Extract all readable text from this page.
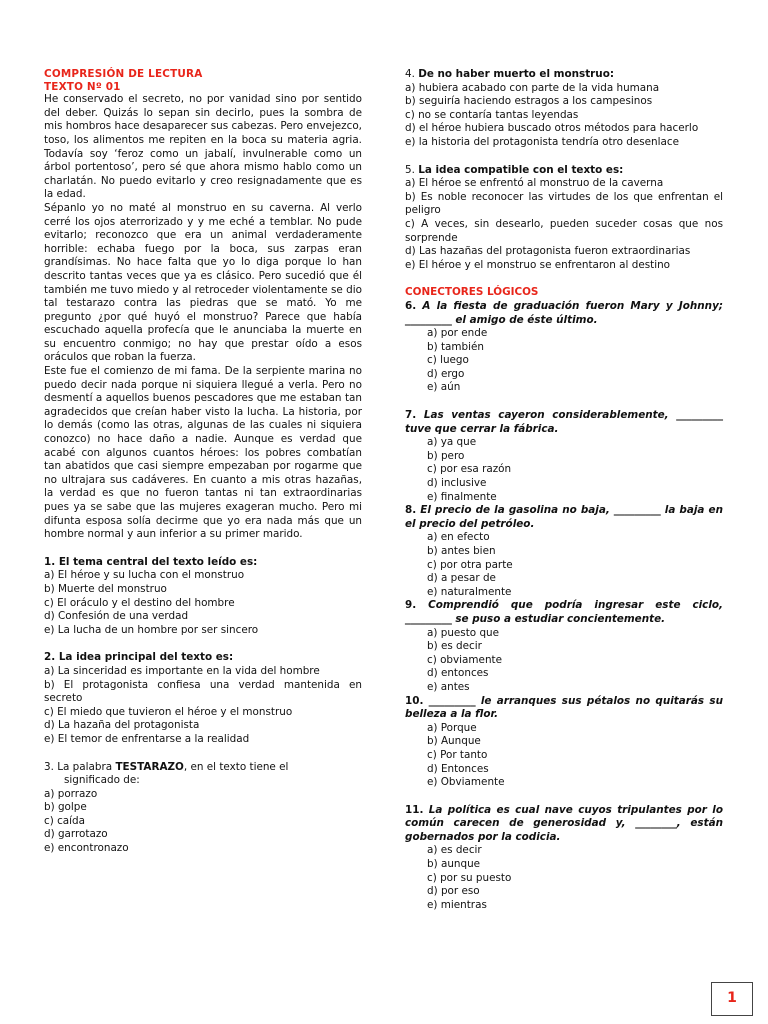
COMPRESIÓN DE LECTURA
TEXTO Nº 01
He conservado el secreto, no por vanidad sino por sentido del deber. Quizás lo sepan sin decirlo, pues la sombra de mis hombros hace desaparecer sus cabezas. Pero envejezco, toso, los alimentos me repiten en la boca su materia agria. Todavía soy ‘feroz como un jabalí, invulnerable como un árbol portentoso’, pero sé que ahora mismo hablo como un charlatán. No puedo evitarlo y creo resignadamente que es la edad.
Sépanlo yo no maté al monstruo en su caverna. Al verlo cerré los ojos aterrorizado y y me eché a temblar. No pude evitarlo; reconozco que era un animal verdaderamente horrible: echaba fuego por la boca, sus zarpas eran grandísimas. No hace falta que yo lo diga porque lo han descrito tantas veces que ya es clásico. Pero sucedió que él también me tuvo miedo y al retroceder violentamente se dio tal testarazo contra las piedras que se mató. Yo me pregunto ¿por qué huyó el monstruo? Parece que había escuchado aquella profecía que le anunciaba la muerte en su encuentro conmigo; no hay que prestar oído a esos oráculos que roban la fuerza.
Este fue el comienzo de mi fama. De la serpiente marina no puedo decir nada porque ni siquiera llegué a verla. Pero no desmentí a aquellos buenos pescadores que me estaban tan agradecidos que creían haber visto la lucha. La historia, por lo demás (como las otras, algunas de las cuales ni siquiera conozco) no hace daño a nadie. Aunque es verdad que acabé con algunos cuantos héroes: los pobres combatían tan abatidos que casi siempre empezaban por rogarme que no ultrajara sus cadáveres. En cuanto a mis otras hazañas, la verdad es que no fueron tantas ni tan extraordinarias pues ya se sabe que las mujeres exageran mucho. Pero mi difunta esposa solía decirme que yo era nada más que un hombre normal y aun inferior a su primer marido.
1. El tema central del texto leído es:
a) El héroe y su lucha con el monstruo
b) Muerte del monstruo
c) El oráculo y el destino del hombre
d) Confesión de una verdad
e) La lucha de un hombre por ser sincero
2. La idea principal del texto es:
a) La sinceridad es importante en la vida del hombre
b) El protagonista confiesa una verdad mantenida en secreto
c) El miedo que tuvieron el héroe y el monstruo
d) La hazaña del protagonista
e) El temor de enfrentarse a la realidad
3. La palabra TESTARAZO, en el texto tiene el
significado de:
a) porrazo
b) golpe
c) caída
d) garrotazo
e) encontronazo
4. De no haber muerto el monstruo:
a) hubiera acabado con parte de la vida humana
b) seguiría haciendo estragos a los campesinos
c) no se contaría tantas leyendas
d) el héroe hubiera buscado otros métodos para hacerlo
e) la historia del protagonista tendría otro desenlace
5. La idea compatible con el texto es:
a) El héroe se enfrentó al monstruo de la caverna
b) Es noble reconocer las virtudes de los que enfrentan el peligro
c) A veces, sin desearlo, pueden suceder cosas que nos sorprende
d) Las hazañas del protagonista fueron extraordinarias
e) El héroe y el monstruo se enfrentaron al destino
CONECTORES LÓGICOS
6. A la fiesta de graduación fueron Mary y Johnny; _________ el amigo de éste último.
a) por ende
b) también
c) luego
d) ergo
e) aún
7. Las ventas cayeron considerablemente, _________ tuve que cerrar la fábrica.
a) ya que
b) pero
c) por esa razón
d) inclusive
e) finalmente
8. El precio de la gasolina no baja, _________ la baja en el precio del petróleo.
a) en efecto
b) antes bien
c) por otra parte
d) a pesar de
e) naturalmente
9. Comprendió que podría ingresar este ciclo, _________ se puso a estudiar concientemente.
a) puesto que
b) es decir
c) obviamente
d) entonces
e) antes
10. _________ le arranques sus pétalos no quitarás su belleza a la flor.
a) Porque
b) Aunque
c) Por tanto
d) Entonces
e) Obviamente
11. La política es cual nave cuyos tripulantes por lo común carecen de generosidad y, ________, están gobernados por la codicia.
a) es decir
b) aunque
c) por su puesto
d) por eso
e) mientras
1
